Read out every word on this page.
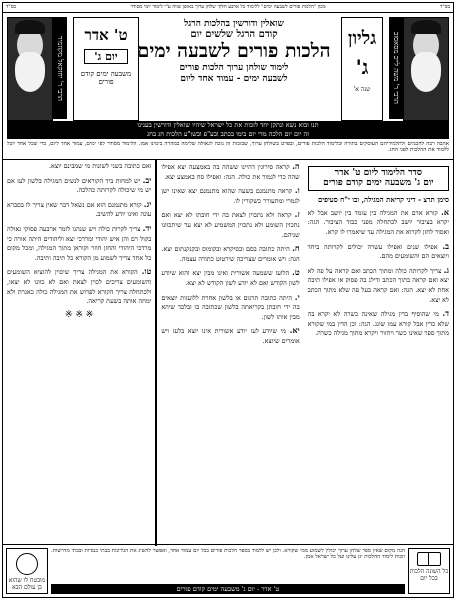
בס"ד
מכון "הלכות פורים לשבעה ימים" ללימוד כל ארבע חלקי שלחן ערוך באופן שווה ע"י לימוד יומי מסודר
בס"ד
הרבי ר' משה לייב מסאסוב
גליון
ג'
שנה א'
שואלין ודורשין בהלכות הרגל
קודם הרגל שלשים יום
הלכות פורים לשבעה ימים
לימוד שולחן ערוך הלכות פורים
לשבעה ימים - עמוד אחד ליום
ט' אדר
יום ג'
משבעה ימים קודם פורים
הרבי ר' יחזקאל מקוזמיר
תנו ובוא נשא ונתקן יחד לזכות את כל ישראל שיהיו שואלין ודורשין בענינו
זה יום יום הלכה מדי יום בימו בכתב ובע"פ ובשו"ע הלכות חג בחג
אהבה רבה לחכמים ולתלמידיהם העוסקים בתורה ובלימוד הלכות פורים, ובפרט בשולחן ערוך, שבזכות זה נזכה לגאולה שלימה במהרה בימינו אמן. הלימוד מסודר לפי ימים, עמוד אחד ליום, כדי שכל אחד יוכל ללמוד את ההלכות לפני החג.
סדר הלימוד ליום ט' אדר
יום ג' משבעה ימים קודם פורים
סימן תרצ - דיני קריאת המגילה, ובו י"ח סעיפים
א. קורא אדם את המגילה בין עומד בין יושב אבל לא יקרא בציבור יושב לכתחלה מפני כבוד הציבור. הגה: ואסור לחזן לקרוא את המגילה עד שיאמרו לו קרא.
ב. אפילו שנים ואפילו עשרה יכולים לקרותה ביחד ויוצאים הם והשומעים מהם.
ג. צריך לקרותה כולה ומתוך הכתב ואם קראה על פה לא יצא ואם קראה בתוך הכתב ודילג בה פסוק או אפילו תיבה אחת לא יצא. הגה: ואם קראה בעל פה שלא מתוך הכתב לא יצא.
ד. מי שהוסיף בדין מגילה שאינה כשרה לא יקרא בה שלא כדין אבל קורא עמו שוגג. הגה: וכן הדין במי שקורא מתוך ספר שאינו כשר ויחזור ויקרא מתוך מגילה כשרה.
ה. קראה סירוגין דהיינו ששהה בה באמצעה יצא אפילו שהה כדי לגמור את כולה. הגה: ואפילו סח באמצע יצא.
ו. קראה מתנמנם בשעה שהוא מתנמנם יצא שאינו ישן לגמרי ומתעורר כשקורין לו.
ז. קראה ולא נתכוין לצאת בה ידי חובתו לא יצא ואם נתכוין השומע ולא נתכוין המשמיע לא יצא עד שיתכוונו שניהם.
ח. היתה כתובה בסם ובסיקרא ובקומוס ובקנקנתום יצא. הגה: ויש אומרים שצריכה שירטוט כתורה עצמה.
ט. הלועז ששמעה אשורית ואינו מבין יצא והוא שיודע לשון הקודש ואם לא יודע לשון הקודש לא יצא.
י. היתה כתובה תרגום או בלשון אחרת ללועזות יוצאים בה ידי חובתן בקריאתה בלשון שכתובה בו ובלבד שיהא מבין אותו לשון.
יא. מי שיודע לעז יודע אשורית אינו יוצא בלעז ויש אומרים שיוצא.
ואם כתובה בשני לשונות מי שמבינם יוצא.
יב. יש למחות ביד הקוראים לנשים המגילה בלשון לעז אם יש מי שיכולה לקרותה כהלכה.
יג. קורא מתנמנם הוא אם נשאל דבר שאין צריך לו בסברא עונה ואינו יודע להשיב.
יד. צריך לקרות כולה ויש שנהגו לומר ארבעה פסוקי גאולה בקול רם והן איש יהודי ומרדכי יצא וליהודים היתה אורה כי מרדכי היהודי והחזן חוזר וקוראן מתוך המגילה, ומכל מקום כל אחד צריך לשמוע מן הקורא כל תיבה ותיבה.
טו. הקורא את המגילה צריך שיכוין להוציא השומעים והשומעים צריכים לכוין לצאת ואם לא כוונו לא יצאו, ולכתחלה צריך הקורא לפרוש את המגילה כולה כאגרת ולא ימחה אותה בשעת קריאה.
※ ※ ※
כל השונה הלכות בכל יום
הגה מקום שאין ספר שלחן ערוך יכולין לשמוע ממי שקורא. ולכן יש ללמוד בספר הלכות פורים בכל יום עמוד אחד, ואפשר להשיג את הגליונות בבתי כנסיות ובבתי מדרשות. וזכות לימוד ההלכות יגן עלינו ועל כל ישראל אמן.
ט' אדר - יום ג' משבעה ימים קודם פורים
מובטח לו שהוא בן עולם הבא
